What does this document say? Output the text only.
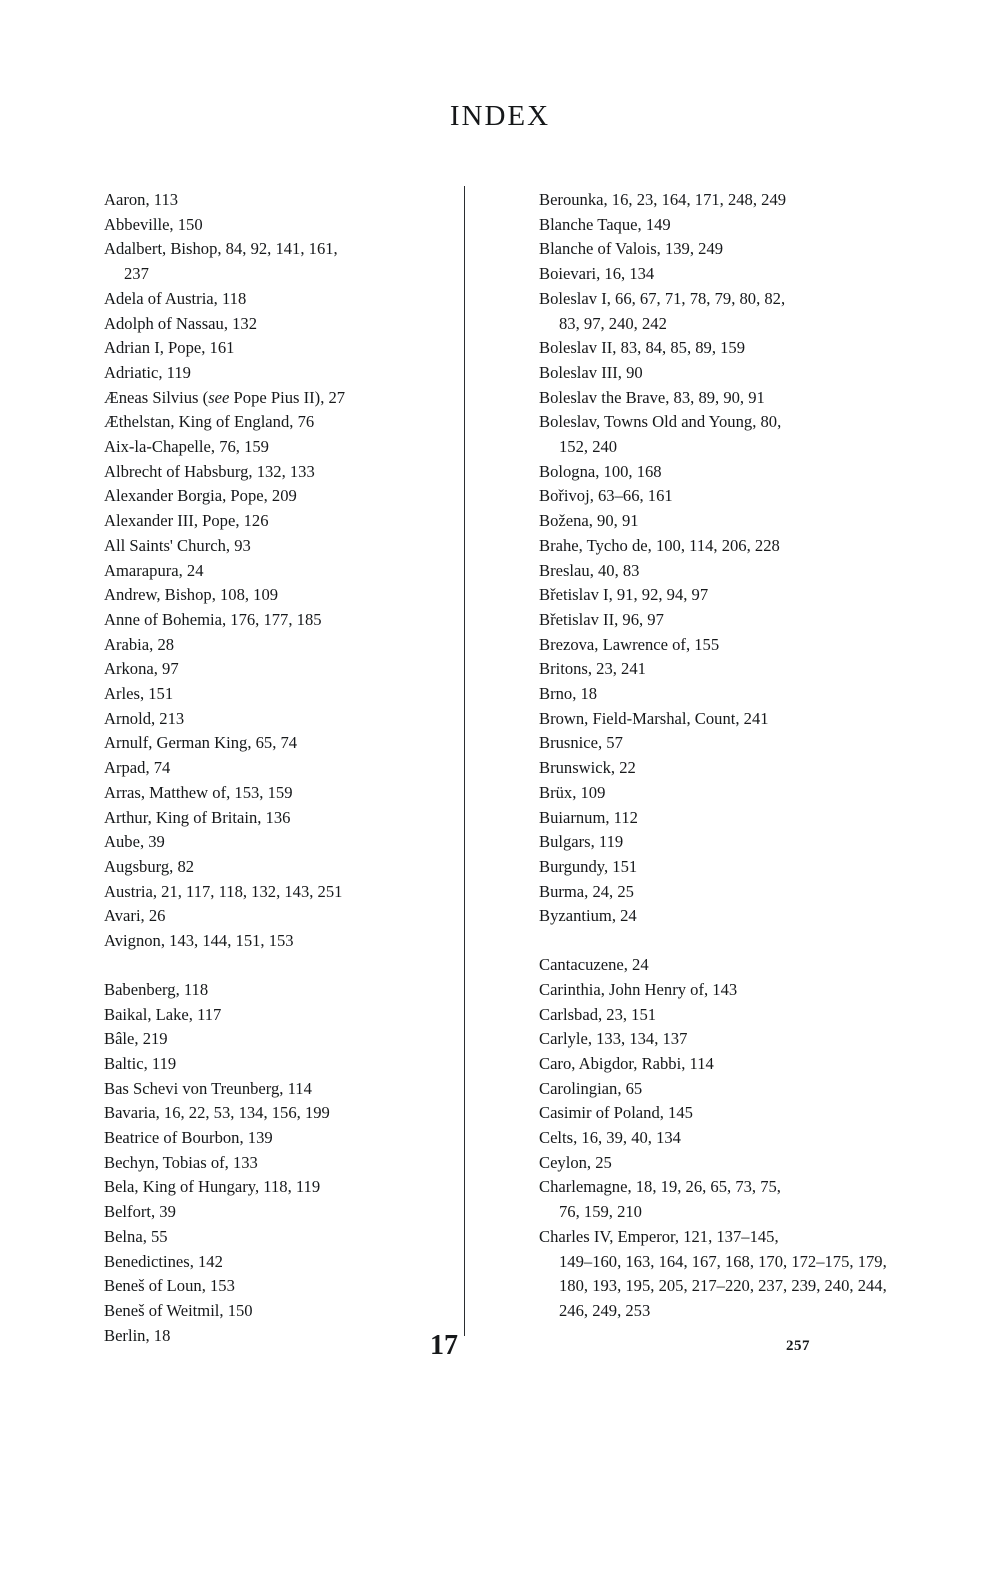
INDEX
Aaron, 113
Abbeville, 150
Adalbert, Bishop, 84, 92, 141, 161,
237
Adela of Austria, 118
Adolph of Nassau, 132
Adrian I, Pope, 161
Adriatic, 119
Æneas Silvius (see Pope Pius II), 27
Æthelstan, King of England, 76
Aix-la-Chapelle, 76, 159
Albrecht of Habsburg, 132, 133
Alexander Borgia, Pope, 209
Alexander III, Pope, 126
All Saints' Church, 93
Amarapura, 24
Andrew, Bishop, 108, 109
Anne of Bohemia, 176, 177, 185
Arabia, 28
Arkona, 97
Arles, 151
Arnold, 213
Arnulf, German King, 65, 74
Arpad, 74
Arras, Matthew of, 153, 159
Arthur, King of Britain, 136
Aube, 39
Augsburg, 82
Austria, 21, 117, 118, 132, 143, 251
Avari, 26
Avignon, 143, 144, 151, 153
Babenberg, 118
Baikal, Lake, 117
Bâle, 219
Baltic, 119
Bas Schevi von Treunberg, 114
Bavaria, 16, 22, 53, 134, 156, 199
Beatrice of Bourbon, 139
Bechyn, Tobias of, 133
Bela, King of Hungary, 118, 119
Belfort, 39
Belna, 55
Benedictines, 142
Beneš of Loun, 153
Beneš of Weitmil, 150
Berlin, 18
Berounka, 16, 23, 164, 171, 248, 249
Blanche Taque, 149
Blanche of Valois, 139, 249
Boievari, 16, 134
Boleslav I, 66, 67, 71, 78, 79, 80, 82,
83, 97, 240, 242
Boleslav II, 83, 84, 85, 89, 159
Boleslav III, 90
Boleslav the Brave, 83, 89, 90, 91
Boleslav, Towns Old and Young, 80,
152, 240
Bologna, 100, 168
Bořivoj, 63–66, 161
Božena, 90, 91
Brahe, Tycho de, 100, 114, 206, 228
Breslau, 40, 83
Břetislav I, 91, 92, 94, 97
Břetislav II, 96, 97
Brezova, Lawrence of, 155
Britons, 23, 241
Brno, 18
Brown, Field-Marshal, Count, 241
Brusnice, 57
Brunswick, 22
Brüx, 109
Buiarnum, 112
Bulgars, 119
Burgundy, 151
Burma, 24, 25
Byzantium, 24
Cantacuzene, 24
Carinthia, John Henry of, 143
Carlsbad, 23, 151
Carlyle, 133, 134, 137
Caro, Abigdor, Rabbi, 114
Carolingian, 65
Casimir of Poland, 145
Celts, 16, 39, 40, 134
Ceylon, 25
Charlemagne, 18, 19, 26, 65, 73, 75,
76, 159, 210
Charles IV, Emperor, 121, 137–145,
149–160, 163, 164, 167, 168, 170, 172–175, 179, 180, 193, 195, 205, 217–220, 237, 239, 240, 244, 246, 249, 253
17	257
